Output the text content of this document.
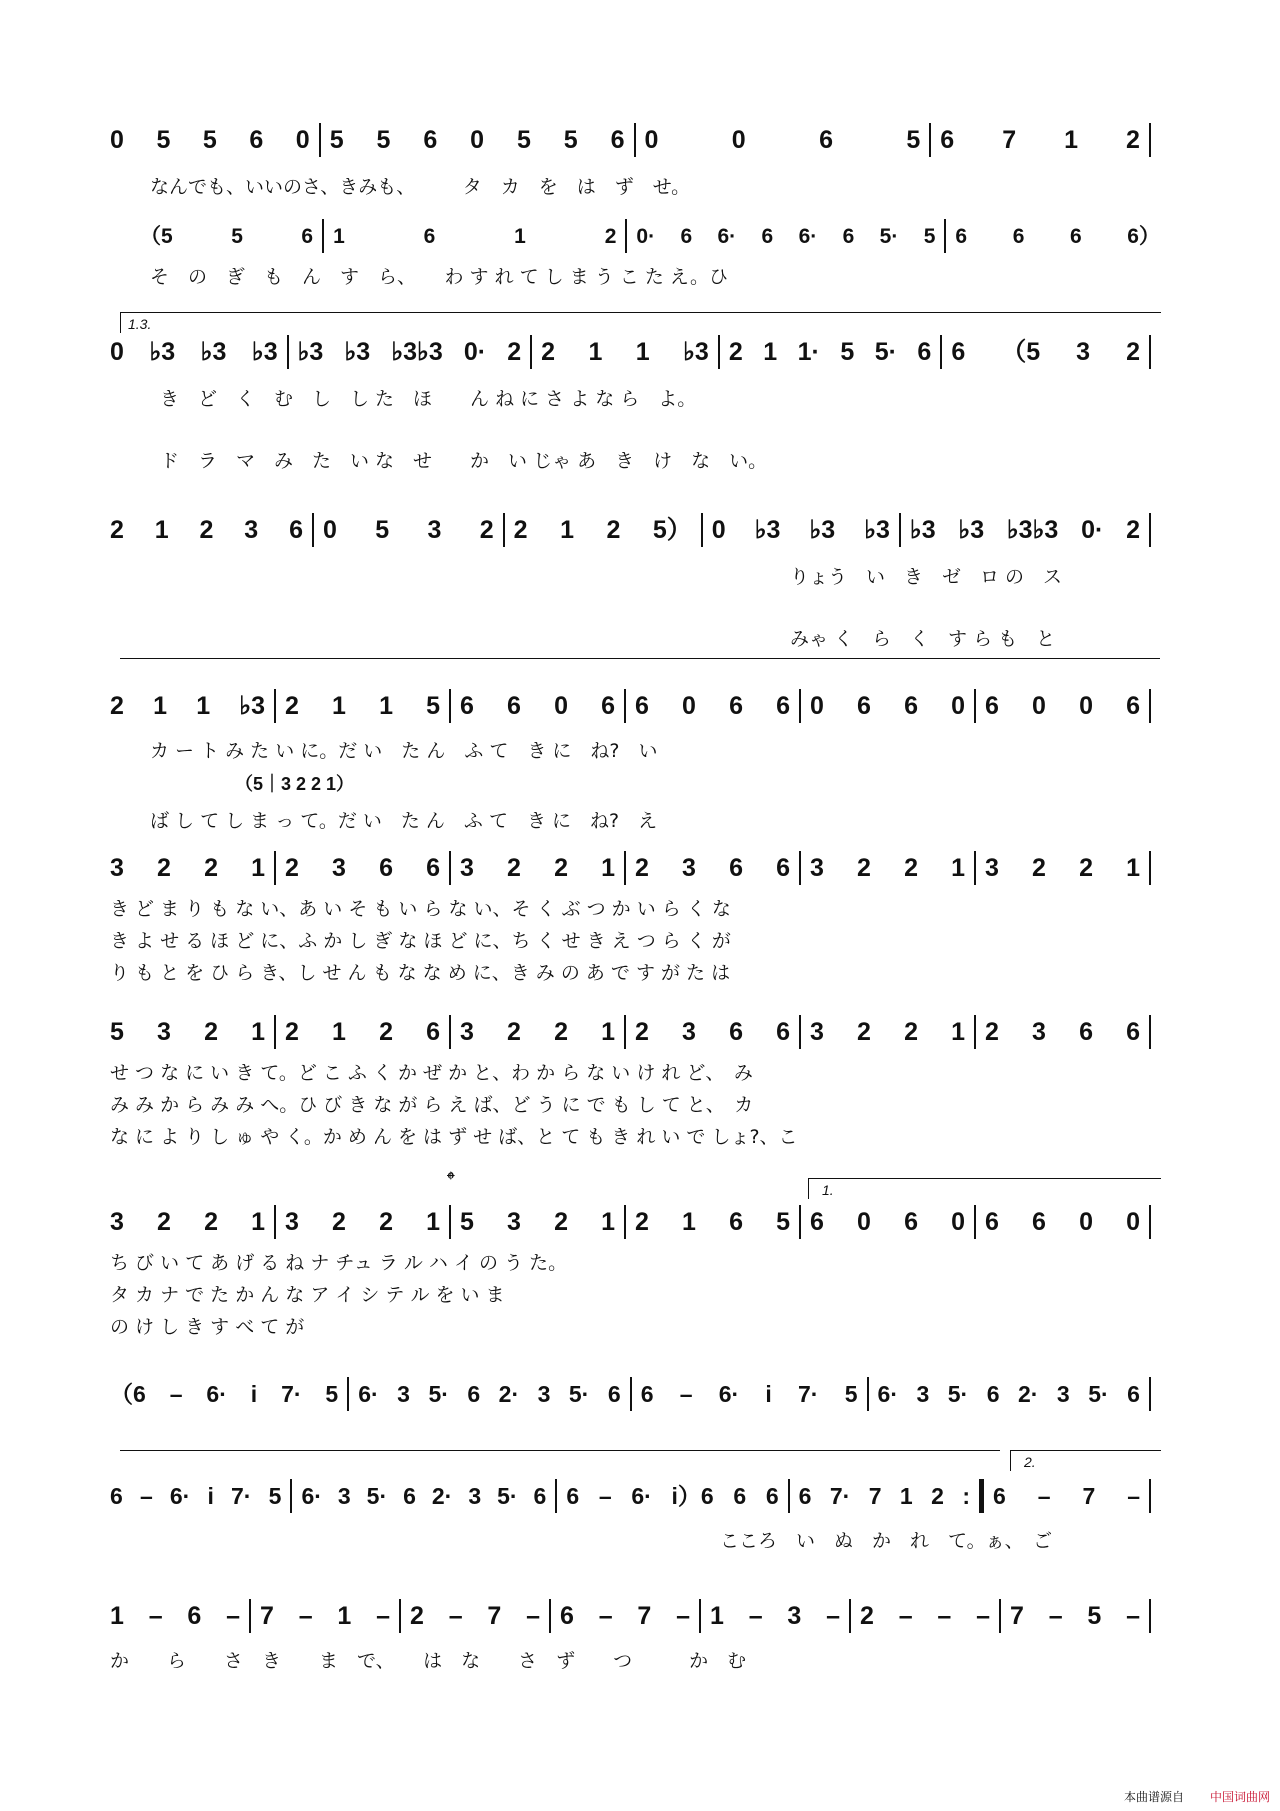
0 5 5 6 0 5 5 6 0 5 5 6 0	0	6	5 6 7 1 2
なんでも、いいのさ、きみも、　　　タ　カ　を　は　ず　せ。
（5	5	6 1	6	1	2 0· 6 6· 6 6· 6 5· 5 6 6 6 6）
そ　の　ぎ　も　ん　す　ら、　　わ す れ て し ま う こ た え。ひ
1.3.
0 ♭3 ♭3 ♭3 ♭3 ♭3 ♭3♭3 0· 2 2 1 1 ♭3 2 1 1· 5 5· 6 6 （5 3 2
き　ど　く　む　し　し た　ほ　　ん ね に さ よ な ら　よ。
ド　ラ　マ　み　た　い な　せ　　か　い じゃ あ　き　け　な　い。
2 1 2 3 6 0 5 3 2 2 1 2 5） 0 ♭3 ♭3 ♭3 ♭3 ♭3 ♭3♭3 0· 2
りょう　い　き　ゼ　ロ の　ス
みゃ く　ら　く　す ら も　と
2 1 1 ♭3 2 1 1 5 6 6 0 6 6 0 6 6 0 6 6 0 6 0 0 6
カ ー ト み た い に。だ い　た ん　ふ て　き に　ね?　い
（5｜3 2 2 1）
ば し て し ま っ て。だ い　た ん　ふ て　き に　ね?　え
3 2 2 1 2 3 6 6 3 2 2 1 2 3 6 6 3 2 2 1 3 2 2 1
き ど ま り も な い、あ い そ も い ら な い、そ く ぶ つ か い ら く な
き よ せ る ほ ど に、ふ か し ぎ な ほ ど に、ち く せ き え つ ら く が
り も と を ひ ら き、し せ ん も な な め に、き み の あ で す が た は
5 3 2 1 2 1 2 6 3 2 2 1 2 3 6 6 3 2 2 1 2 3 6 6
せ つ な に い き て。ど こ ふ く か ぜ か と、わ か ら な い け れ ど、　み
み み か ら み み へ。ひ び き な が ら え ば、ど う に で も し て と、　カ
な に よ り し ゅ や く。か め ん を は ず せ ば、と て も き れ い で しょ?、こ
𝄌	1.
3 2 2 1 3 2 2 1 5 3 2 1 2 1 6 5 6 0 6 0 6 6 0 0
ち び い て あ げ る ね ナ チュ ラ ル ハ イ の う た。
タ カ ナ で た か ん な ア イ シ テ ル を い ま
の け し き す べ て が
（6 – 6· i 7· 5 6· 3 5· 6 2· 3 5· 6 6 – 6· i 7· 5 6· 3 5· 6 2· 3 5· 6
2.
6 – 6· i 7· 5 6· 3 5· 6 2· 3 5· 6 6 – 6· i）6 6 6 6 7· 7 1 2 : 6 – 7 –
こころ　い　ぬ　か　れ　て。ぁ、　ご
1 – 6 – 7 – 1 – 2 – 7 – 6 – 7 – 1 – 3 – 2 – – – 7 – 5 –
か　　ら　　さ　き　　ま　で、　　は　な　　さ　ず　　つ　　　か　む
本曲谱源自 中国词曲网
